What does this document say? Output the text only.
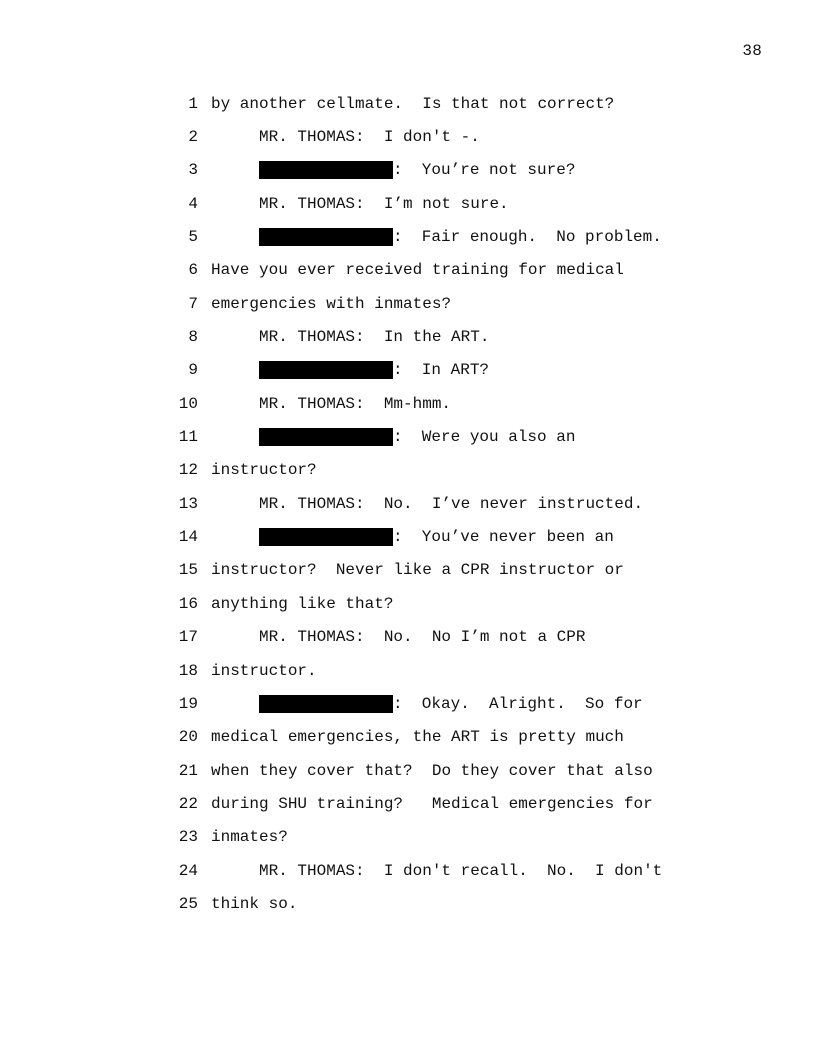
38
1 by another cellmate.  Is that not correct?
2	MR. THOMAS:  I don't -.
3	:  You’re not sure?
4	MR. THOMAS:  I’m not sure.
5	:  Fair enough.  No problem.
6 Have you ever received training for medical
7 emergencies with inmates?
8	MR. THOMAS:  In the ART.
9	:  In ART?
10	MR. THOMAS:  Mm-hmm.
11	:  Were you also an
12 instructor?
13	MR. THOMAS:  No.  I’ve never instructed.
14	:  You’ve never been an
15 instructor?  Never like a CPR instructor or
16 anything like that?
17	MR. THOMAS:  No.  No I’m not a CPR
18 instructor.
19	:  Okay.  Alright.  So for
20 medical emergencies, the ART is pretty much
21 when they cover that?  Do they cover that also
22 during SHU training?   Medical emergencies for
23 inmates?
24	MR. THOMAS:  I don't recall.  No.  I don't
25 think so.
